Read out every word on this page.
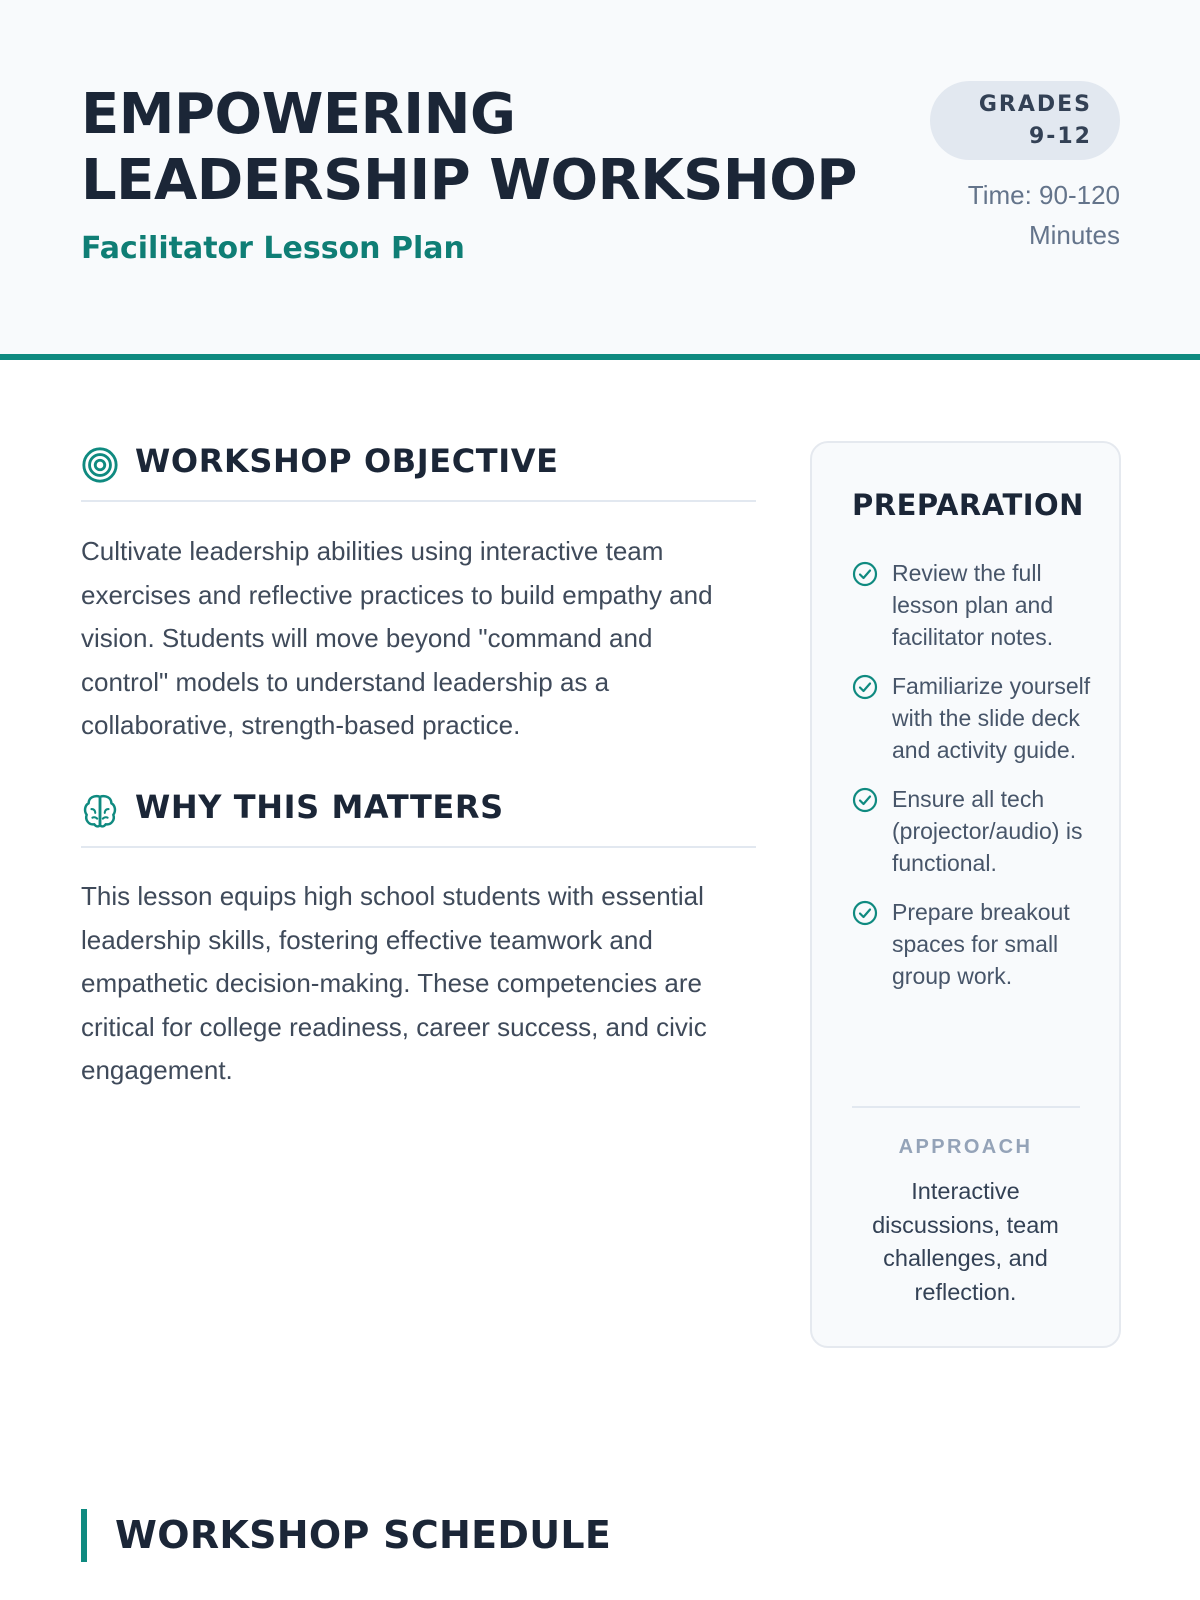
EMPOWERING LEADERSHIP WORKSHOP
Facilitator Lesson Plan
GRADES
9-12
Time: 90-120 Minutes
WORKSHOP OBJECTIVE

Cultivate leadership abilities using interactive team exercises and reflective practices to build empathy and vision. Students will move beyond "command and control" models to understand leadership as a collaborative, strength-based practice.

WHY THIS MATTERS

This lesson equips high school students with essential leadership skills, fostering effective teamwork and empathetic decision-making. These competencies are critical for college readiness, career success, and civic engagement.

PREPARATION
Review the full lesson plan and facilitator notes.
Familiarize yourself with the slide deck and activity guide.
Ensure all tech (projector/audio) is functional.
Prepare breakout spaces for small group work.
APPROACH
Interactive discussions, team challenges, and reflection.
WORKSHOP SCHEDULE
